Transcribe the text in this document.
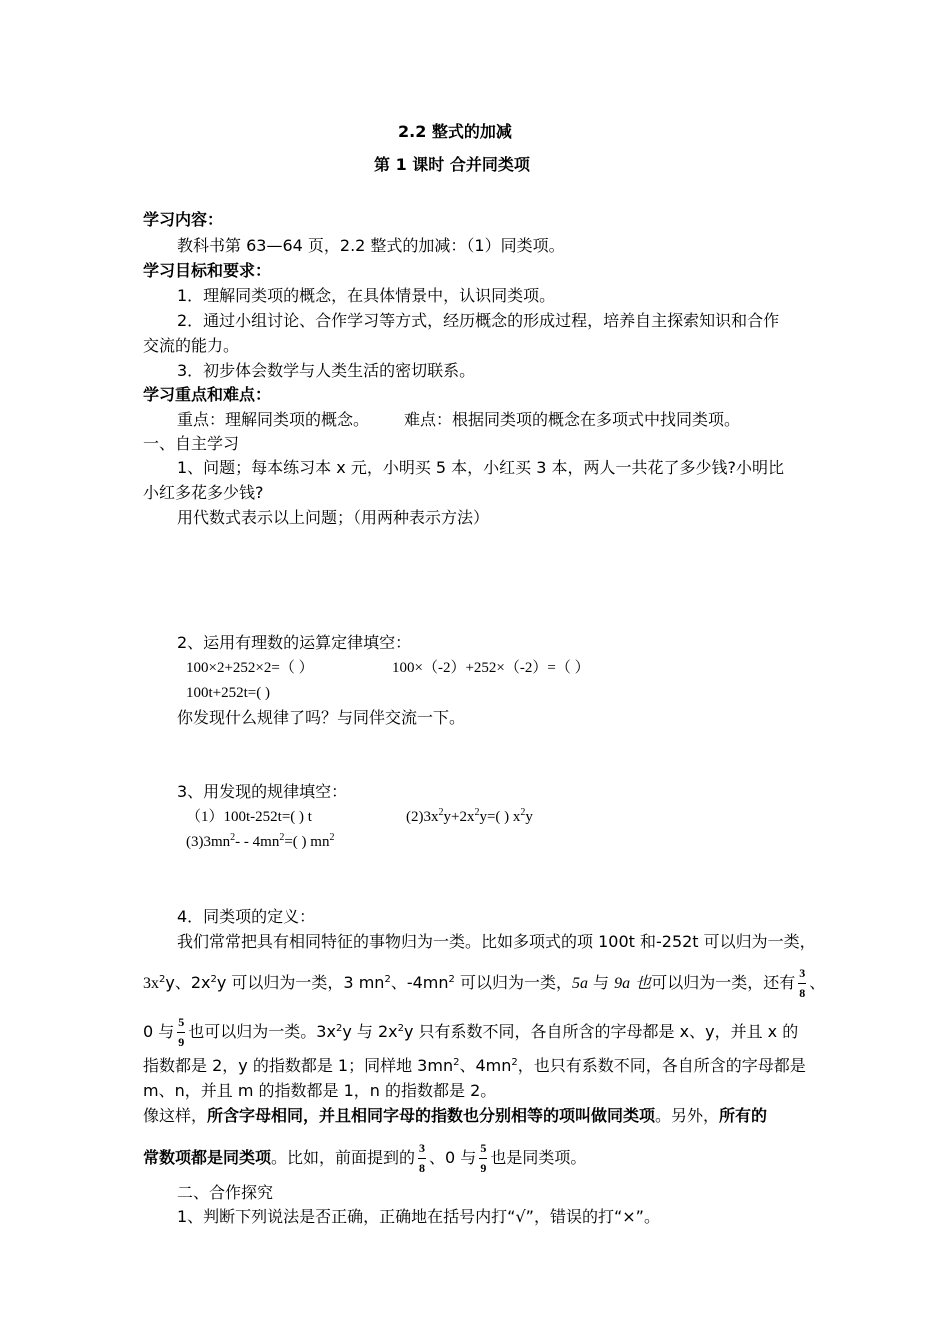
2.2 整式的加减
第 1 课时 合并同类项
学习内容：
教科书第 63—64 页，2.2 整式的加减：（1）同类项。
学习目标和要求：
1．理解同类项的概念，在具体情景中，认识同类项。
2．通过小组讨论、合作学习等方式，经历概念的形成过程，培养自主探索知识和合作
交流的能力。
3．初步体会数学与人类生活的密切联系。
学习重点和难点：
重点：理解同类项的概念。 难点：根据同类项的概念在多项式中找同类项。
一、自主学习
1、问题；每本练习本 x 元，小明买 5 本，小红买 3 本，两人一共花了多少钱?小明比
小红多花多少钱?
用代数式表示以上问题；（用两种表示方法）
2、运用有理数的运算定律填空：
100×2+252×2=（ ）	100×（-2）+252×（-2）=（ ）
100t+252t=( )
你发现什么规律了吗？与同伴交流一下。
3、用发现的规律填空：
（1）100t-252t=( ) t	$(2)3x^2y+2x^2y=$( ) $x^2y$
$(3)3mn^2- - 4mn^2=$( ) $mn^2$
4．同类项的定义：
我们常常把具有相同特征的事物归为一类。比如多项式的项 100t 和-252t 可以归为一类，
$3x^2y$、$2x^2y$ 可以归为一类，3 $mn^2$、$-4mn^2$ 可以归为一类，5a 与 9a 也可以归为一类，还有 $\frac{3}{8}$ 、
0 与 $\frac{5}{9}$ 也可以归为一类。$3x^2y$ 与 $2x^2y$ 只有系数不同，各自所含的字母都是 x、y，并且 x 的
指数都是 2，y 的指数都是 1；同样地 $3mn^2$、$4mn^2$，也只有系数不同，各自所含的字母都是
m、n，并且 m 的指数都是 1，n 的指数都是 2。
像这样，所含字母相同，并且相同字母的指数也分别相等的项叫做同类项。另外，所有的
常数项都是同类项。比如，前面提到的 $\frac{3}{8}$ 、0 与 $\frac{5}{9}$ 也是同类项。
二、合作探究
1、判断下列说法是否正确，正确地在括号内打“√”，错误的打“×”。
